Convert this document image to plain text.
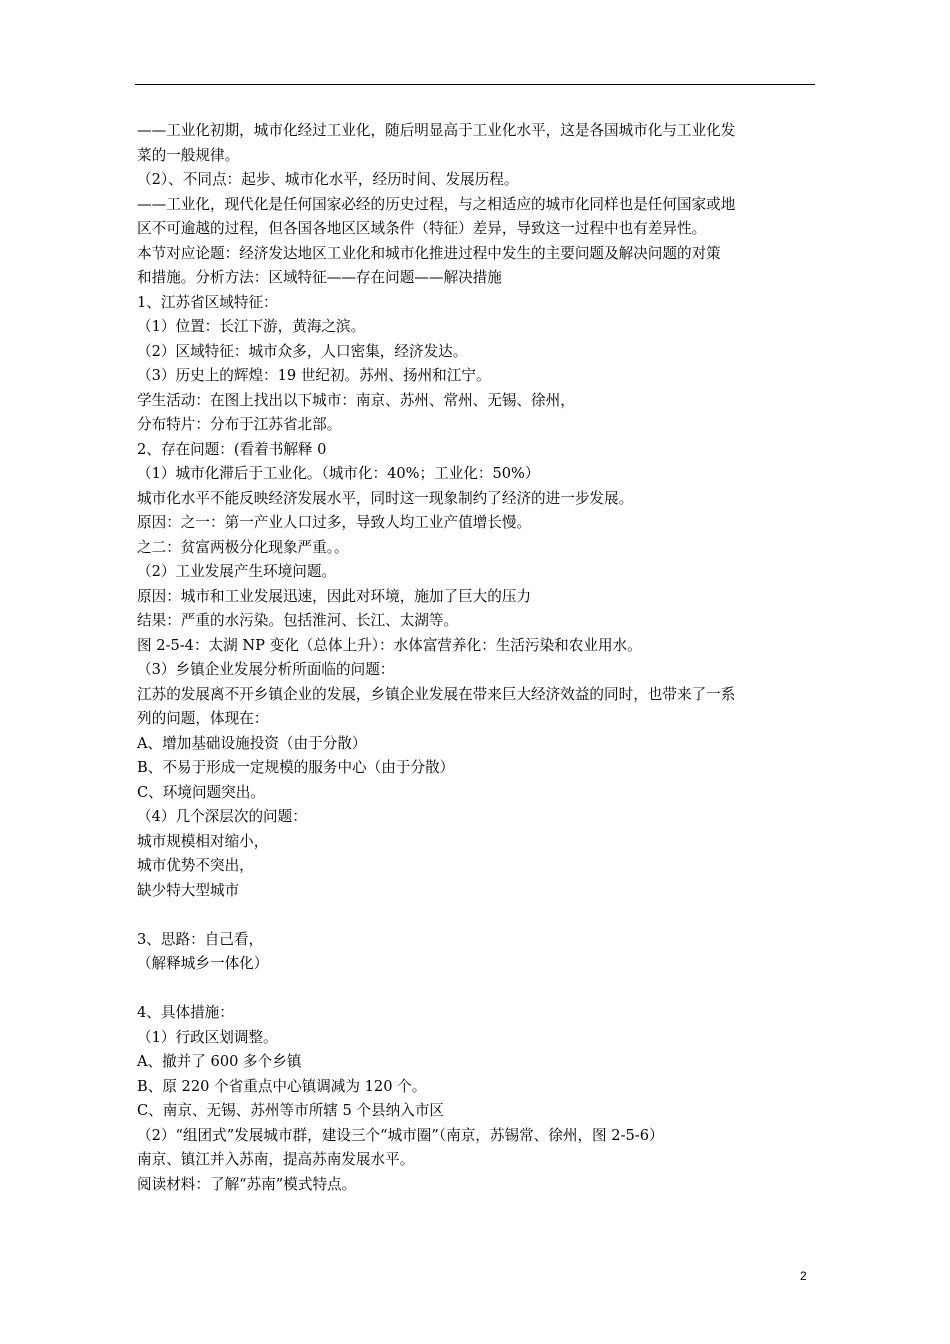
——工业化初期，城市化经过工业化，随后明显高于工业化水平，这是各国城市化与工业化发
菜的一般规律。
（2）、不同点：起步、城市化水平，经历时间、发展历程。
——工业化，现代化是任何国家必经的历史过程，与之相适应的城市化同样也是任何国家或地
区不可逾越的过程，但各国各地区区域条件（特征）差异，导致这一过程中也有差异性。
本节对应论题：经济发达地区工业化和城市化推进过程中发生的主要问题及解决问题的对策
和措施。分析方法：区域特征——存在问题——解决措施
1、江苏省区域特征：
（1）位置：长江下游，黄海之滨。
（2）区域特征：城市众多，人口密集，经济发达。
（3）历史上的辉煌：19 世纪初。苏州、扬州和江宁。
学生活动：在图上找出以下城市：南京、苏州、常州、无锡、徐州，
分布特片：分布于江苏省北部。
2、存在问题：(看着书解释 0
（1）城市化滞后于工业化。（城市化：40%；工业化：50%）
城市化水平不能反映经济发展水平，同时这一现象制约了经济的进一步发展。
原因：之一：第一产业人口过多，导致人均工业产值增长慢。
之二：贫富两极分化现象严重。。
（2）工业发展产生环境问题。
原因：城市和工业发展迅速，因此对环境，施加了巨大的压力
结果：严重的水污染。包括淮河、长江、太湖等。
图 2-5-4：太湖 NP 变化（总体上升）：水体富营养化：生活污染和农业用水。
（3）乡镇企业发展分析所面临的问题：
江苏的发展离不开乡镇企业的发展，乡镇企业发展在带来巨大经济效益的同时，也带来了一系
列的问题，体现在：
A、增加基础设施投资（由于分散）
B、不易于形成一定规模的服务中心（由于分散）
C、环境问题突出。
（4）几个深层次的问题：
城市规模相对缩小，
城市优势不突出，
缺少特大型城市
3、思路：自己看，
（解释城乡一体化）
4、具体措施：
（1）行政区划调整。
A、撤并了 600 多个乡镇
B、原 220 个省重点中心镇调减为 120 个。
C、南京、无锡、苏州等市所辖 5 个县纳入市区
（2）“组团式”发展城市群，建设三个“城市圈”（南京，苏锡常、徐州，图 2-5-6）
南京、镇江并入苏南，提高苏南发展水平。
阅读材料：了解“苏南”模式特点。
2
